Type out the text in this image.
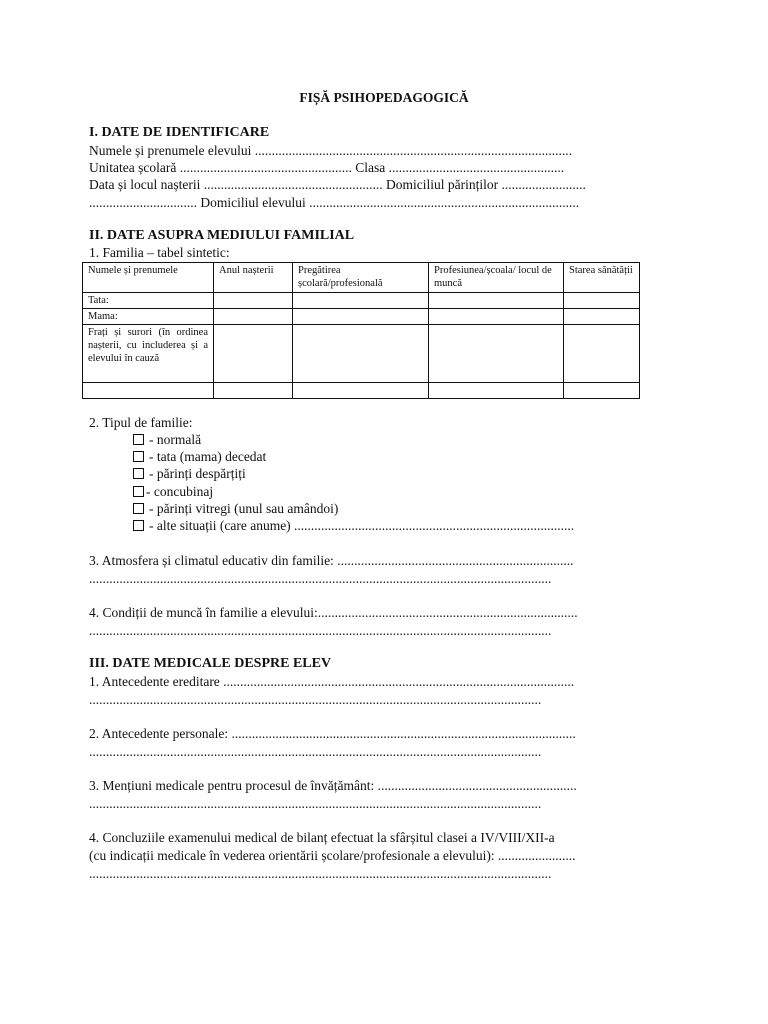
FIȘĂ PSIHOPEDAGOGICĂ
I. DATE DE IDENTIFICARE
Numele și prenumele elevului ..............................................................................................
Unitatea școlară ................................................... Clasa ....................................................
Data și locul nașterii ..................................................... Domiciliul părinților .........................
................................ Domiciliul elevului ................................................................................
II. DATE ASUPRA MEDIULUI FAMILIAL
1. Familia – tabel sintetic:
Numele și prenumele	Anul nașterii	Pregătirea școlară/profesională	Profesiunea/școala/ locul de muncă	Starea sănătății
Tata:				
Mama:				
Frați și surori (în ordinea nașterii, cu includerea și a elevului în cauză				

2. Tipul de familie:
- normală
- tata (mama) decedat
- părinți despărțiți
- concubinaj
- părinți vitregi (unul sau amândoi)
- alte situații (care anume) ...................................................................................
3. Atmosfera și climatul educativ din familie: ......................................................................
.........................................................................................................................................
4. Condiții de muncă în familie a elevului:.............................................................................
.........................................................................................................................................
III. DATE MEDICALE DESPRE ELEV
1. Antecedente ereditare ........................................................................................................
......................................................................................................................................
2. Antecedente personale: ......................................................................................................
......................................................................................................................................
3. Mențiuni medicale pentru procesul de învățământ: ...........................................................
......................................................................................................................................
4. Concluziile examenului medical de bilanț efectuat la sfârșitul clasei a IV/VIII/XII-a
(cu indicații medicale în vederea orientării școlare/profesionale a elevului): .......................
.........................................................................................................................................
